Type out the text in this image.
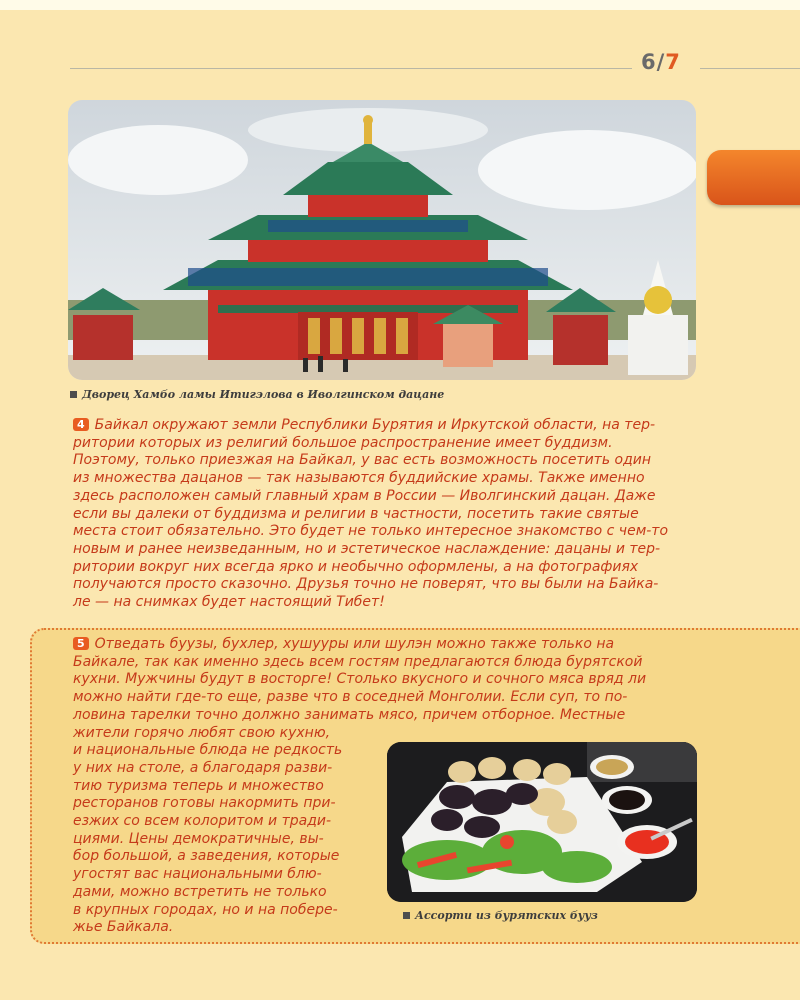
6/7
Дворец Хамбо ламы Итигэлова в Иволгинском дацане
4 Байкал окружают земли Республики Бурятия и Иркутской области, на тер-
ритории которых из религий большое распространение имеет буддизм.
Поэтому, только приезжая на Байкал, у вас есть возможность посетить один
из множества дацанов — так называются буддийские храмы. Также именно
здесь расположен самый главный храм в России — Иволгинский дацан. Даже
если вы далеки от буддизма и религии в частности, посетить такие святые
места стоит обязательно. Это будет не только интересное знакомство с чем-то
новым и ранее неизведанным, но и эстетическое наслаждение: дацаны и тер-
ритории вокруг них всегда ярко и необычно оформлены, а на фотографиях
получаются просто сказочно. Друзья точно не поверят, что вы были на Байка-
ле — на снимках будет настоящий Тибет!
5 Отведать буузы, бухлер, хушууры или шулэн можно также только на
Байкале, так как именно здесь всем гостям предлагаются блюда бурятской
кухни. Мужчины будут в восторге! Столько вкусного и сочного мяса вряд ли
можно найти где-то еще, разве что в соседней Монголии. Если суп, то по-
ловина тарелки точно должно занимать мясо, причем отборное. Местные
жители горячо любят свою кухню,
и национальные блюда не редкость
у них на столе, а благодаря разви-
тию туризма теперь и множество
ресторанов готовы накормить при-
езжих со всем колоритом и тради-
циями. Цены демократичные, вы-
бор большой, а заведения, которые
угостят вас национальными блю-
дами, можно встретить не только
в крупных городах, но и на побере-
жье Байкала.
Ассорти из бурятских бууз
